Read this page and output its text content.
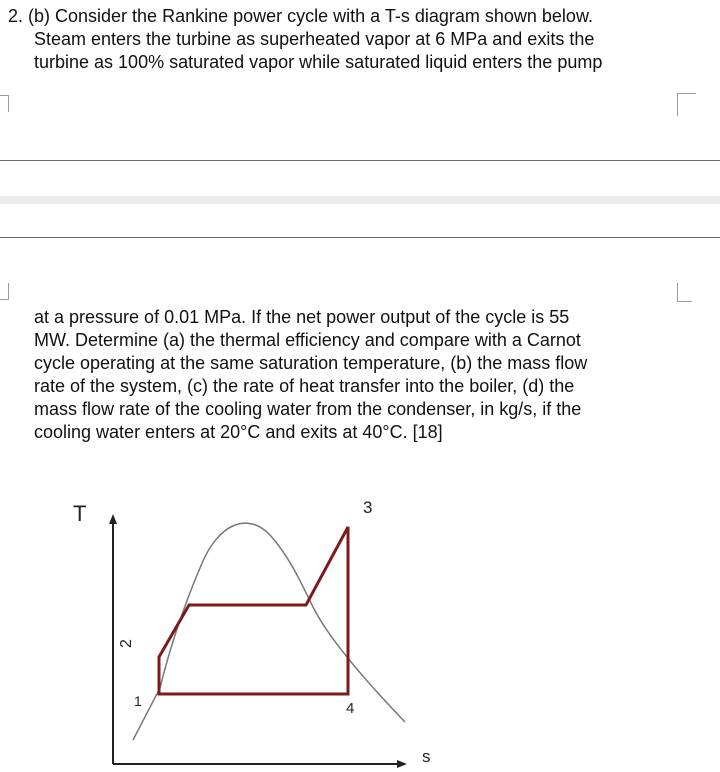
2. (b) Consider the Rankine power cycle with a T-s diagram shown below.
Steam enters the turbine as superheated vapor at 6 MPa and exits the
turbine as 100% saturated vapor while saturated liquid enters the pump
at a pressure of 0.01 MPa. If the net power output of the cycle is 55
MW. Determine (a) the thermal efficiency and compare with a Carnot
cycle operating at the same saturation temperature, (b) the mass flow
rate of the system, (c) the rate of heat transfer into the boiler, (d) the
mass flow rate of the cooling water from the condenser, in kg/s, if the
cooling water enters at 20°C and exits at 40°C. [18]
T
s
3
4
1
2
